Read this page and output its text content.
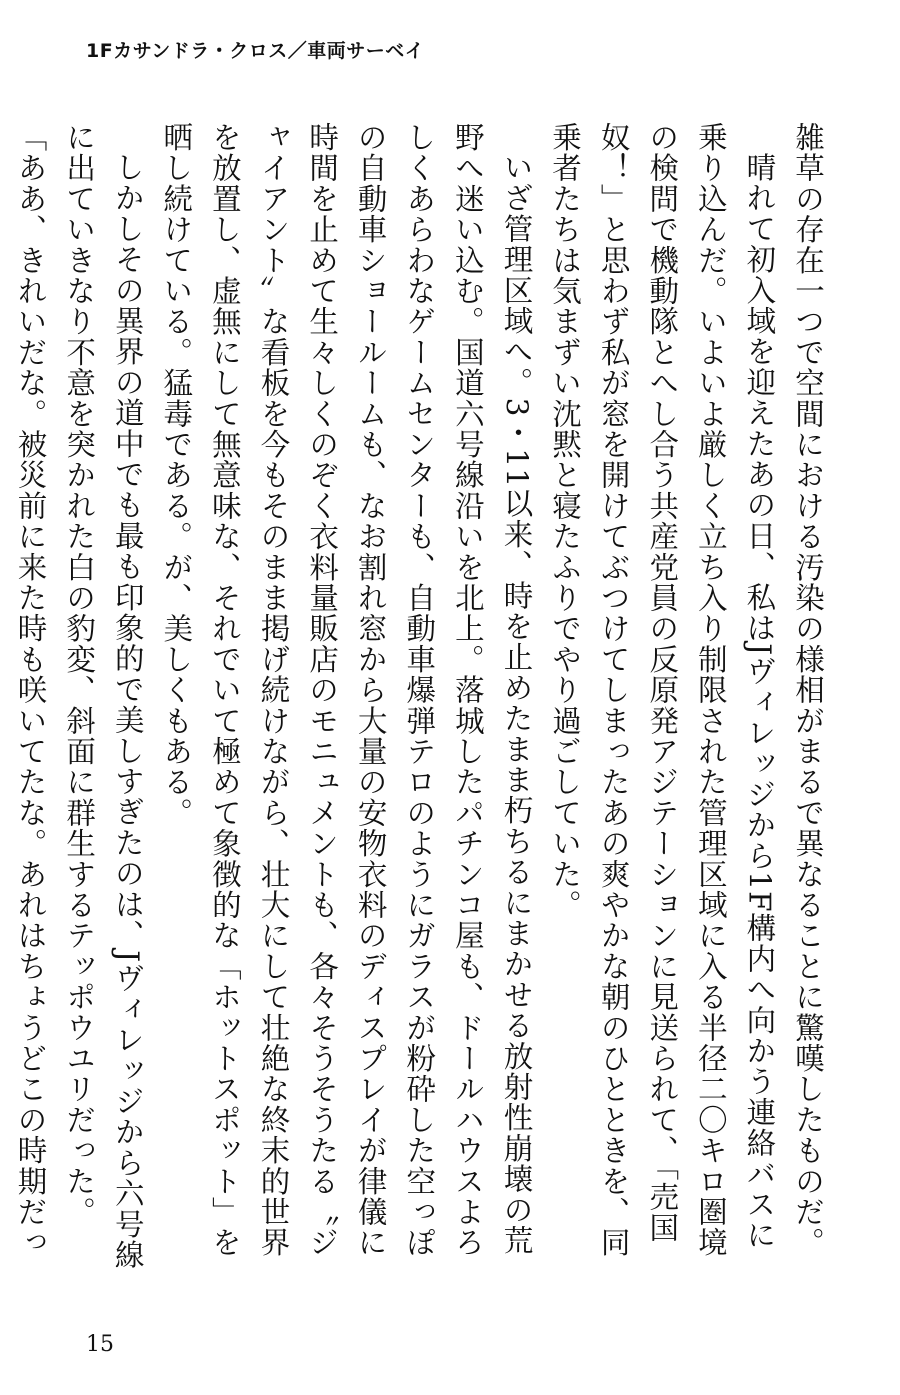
1Fカサンドラ・クロス／車両サーベイ

雑草の存在一つで空間における汚染の様相がまるで異なることに驚嘆したものだ。

晴れて初入域を迎えたあの日、私はJヴィレッジから1F構内へ向かう連絡バスに乗り込んだ。いよいよ厳しく立ち入り制限された管理区域に入る半径二〇キロ圏境の検問で機動隊とへし合う共産党員の反原発アジテーションに見送られて、「売国奴！」と思わず私が窓を開けてぶつけてしまったあの爽やかな朝のひとときを、同乗者たちは気まずい沈黙と寝たふりでやり過ごしていた。

いざ管理区域へ。3・11以来、時を止めたまま朽ちるにまかせる放射性崩壊の荒野へ迷い込む。国道六号線沿いを北上。落城したパチンコ屋も、ドールハウスよろしくあらわなゲームセンターも、自動車爆弾テロのようにガラスが粉砕した空っぽの自動車ショールームも、なお割れ窓から大量の安物衣料のディスプレイが律儀に時間を止めて生々しくのぞく衣料量販店のモニュメントも、各々そうそうたる〝ジャイアント〟な看板を今もそのまま掲げ続けながら、壮大にして壮絶な終末的世界を放置し、虚無にして無意味な、それでいて極めて象徴的な「ホットスポット」を晒し続けている。猛毒である。が、美しくもある。

しかしその異界の道中でも最も印象的で美しすぎたのは、Jヴィレッジから六号線に出ていきなり不意を突かれた白の豹変、斜面に群生するテッポウユリだった。

「ああ、きれいだな。被災前に来た時も咲いてたな。あれはちょうどこの時期だっ

15
